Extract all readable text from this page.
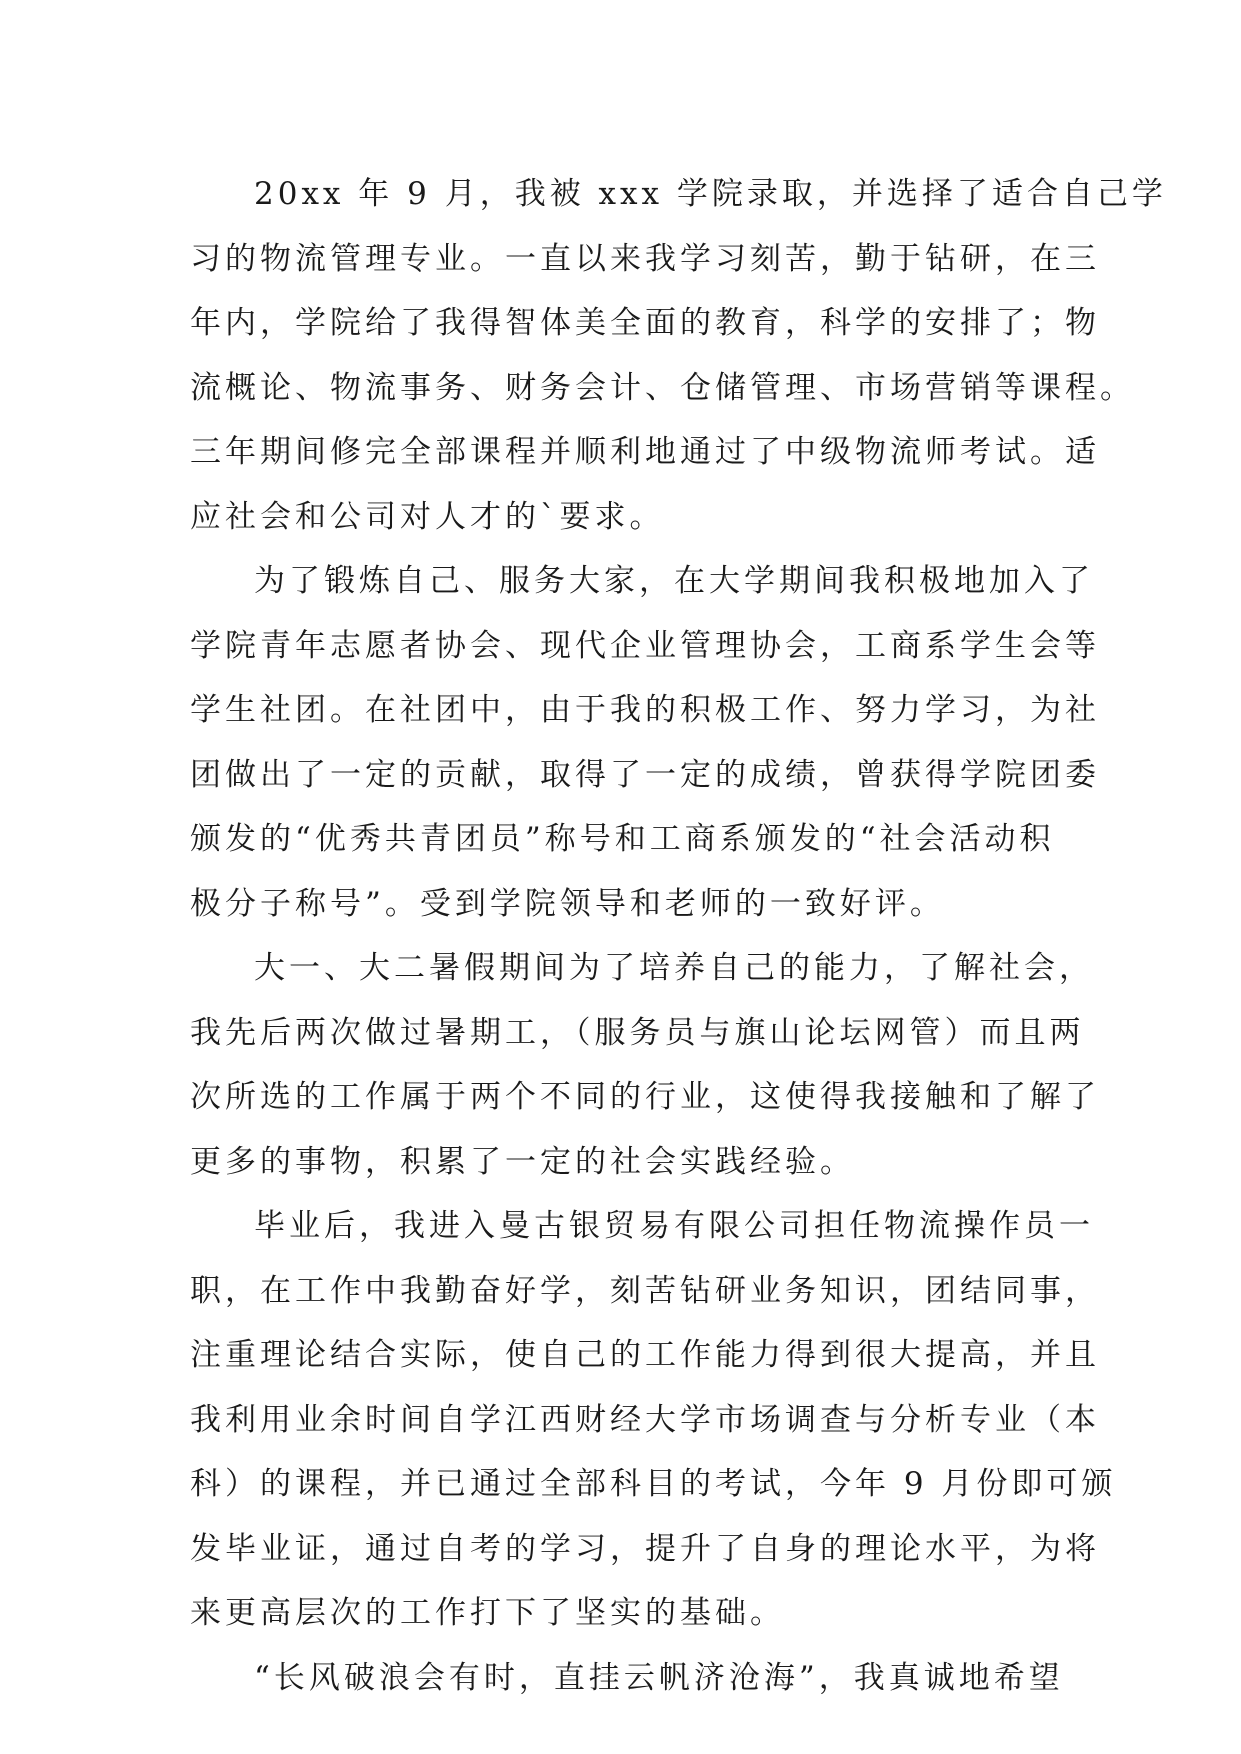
20xx 年 9 月，我被 xxx 学院录取，并选择了适合自己学
习的物流管理专业。一直以来我学习刻苦，勤于钻研，在三
年内，学院给了我得智体美全面的教育，科学的安排了；物
流概论、物流事务、财务会计、仓储管理、市场营销等课程。
三年期间修完全部课程并顺利地通过了中级物流师考试。适
应社会和公司对人才的`要求。
为了锻炼自己、服务大家，在大学期间我积极地加入了
学院青年志愿者协会、现代企业管理协会，工商系学生会等
学生社团。在社团中，由于我的积极工作、努力学习，为社
团做出了一定的贡献，取得了一定的成绩，曾获得学院团委
颁发的“优秀共青团员”称号和工商系颁发的“社会活动积
极分子称号”。受到学院领导和老师的一致好评。
大一、大二暑假期间为了培养自己的能力，了解社会，
我先后两次做过暑期工，（服务员与旗山论坛网管）而且两
次所选的工作属于两个不同的行业，这使得我接触和了解了
更多的事物，积累了一定的社会实践经验。
毕业后，我进入曼古银贸易有限公司担任物流操作员一
职，在工作中我勤奋好学，刻苦钻研业务知识，团结同事，
注重理论结合实际，使自己的工作能力得到很大提高，并且
我利用业余时间自学江西财经大学市场调查与分析专业（本
科）的课程，并已通过全部科目的考试，今年 9 月份即可颁
发毕业证，通过自考的学习，提升了自身的理论水平，为将
来更高层次的工作打下了坚实的基础。
“长风破浪会有时，直挂云帆济沧海”，我真诚地希望
